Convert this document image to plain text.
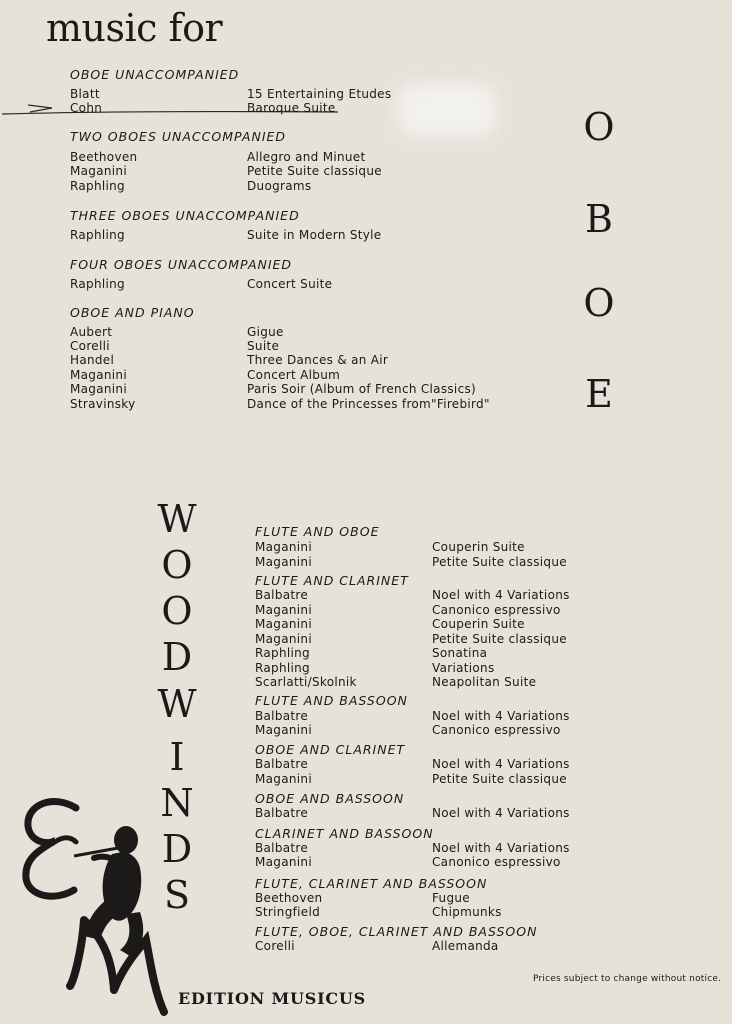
music for
OBOE UNACCOMPANIED
Blatt	15 Entertaining Etudes
Cohn	Baroque Suite
TWO OBOES UNACCOMPANIED
Beethoven	Allegro and Minuet
Maganini	Petite Suite classique
Raphling	Duograms
THREE OBOES UNACCOMPANIED
Raphling	Suite in Modern Style
FOUR OBOES UNACCOMPANIED
Raphling	Concert Suite
OBOE AND PIANO
Aubert	Gigue
Corelli	Suite
Handel	Three Dances & an Air
Maganini	Concert Album
Maganini	Paris Soir (Album of French Classics)
Stravinsky	Dance of the Princesses from"Firebird"
O
B
O
E
W
O
O
D
W
I
N
D
S
FLUTE AND OBOE
Maganini	Couperin Suite
Maganini	Petite Suite classique
FLUTE AND CLARINET
Balbatre	Noel with 4 Variations
Maganini	Canonico espressivo
Maganini	Couperin Suite
Maganini	Petite Suite classique
Raphling	Sonatina
Raphling	Variations
Scarlatti/Skolnik	Neapolitan Suite
FLUTE AND BASSOON
Balbatre	Noel with 4 Variations
Maganini	Canonico espressivo
OBOE AND CLARINET
Balbatre	Noel with 4 Variations
Maganini	Petite Suite classique
OBOE AND BASSOON
Balbatre	Noel with 4 Variations
CLARINET AND BASSOON
Balbatre	Noel with 4 Variations
Maganini	Canonico espressivo
FLUTE, CLARINET AND BASSOON
Beethoven	Fugue
Stringfield	Chipmunks
FLUTE, OBOE, CLARINET AND BASSOON
Corelli	Allemanda
Prices subject to change without notice.
EDITION MUSICUS
